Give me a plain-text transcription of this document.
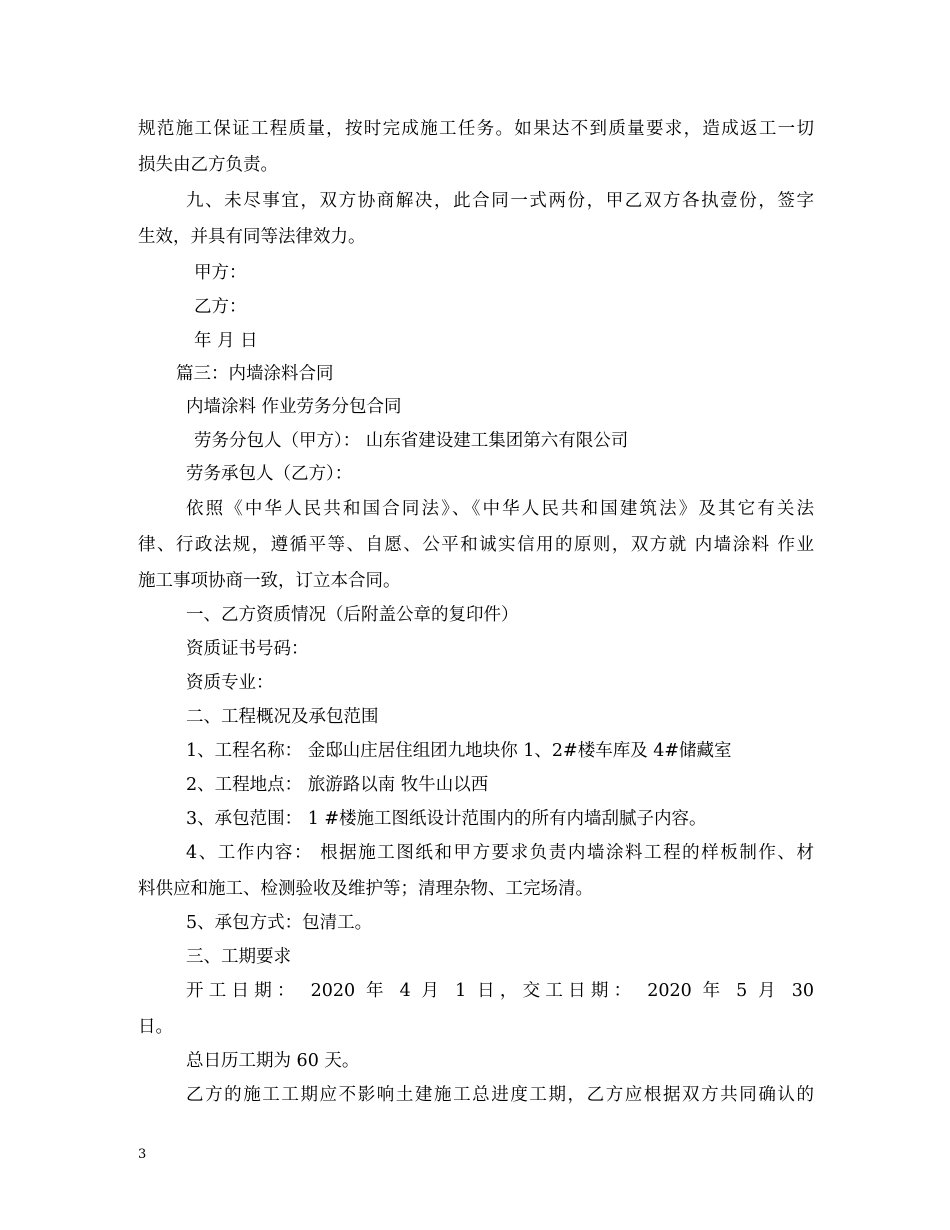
规范施工保证工程质量，按时完成施工任务。如果达不到质量要求，造成返工一切

损失由乙方负责。

九、未尽事宜，双方协商解决，此合同一式两份，甲乙双方各执壹份，签字

生效，并具有同等法律效力。

甲方：

乙方：

年 月 日

篇三：内墙涂料合同

内墙涂料 作业劳务分包合同

劳务分包人（甲方）： 山东省建设建工集团第六有限公司

劳务承包人（乙方）：

依照《中华人民共和国合同法》、《中华人民共和国建筑法》及其它有关法

律、行政法规，遵循平等、自愿、公平和诚实信用的原则，双方就 内墙涂料 作业

施工事项协商一致，订立本合同。

一、乙方资质情况（后附盖公章的复印件）

资质证书号码：

资质专业：

二、工程概况及承包范围

1、工程名称： 金邸山庄居住组团九地块你 1、2#楼车库及 4#储藏室

2、工程地点： 旅游路以南 牧牛山以西

3、承包范围： 1 #楼施工图纸设计范围内的所有内墙刮腻子内容。

4、工作内容： 根据施工图纸和甲方要求负责内墙涂料工程的样板制作、材

料供应和施工、检测验收及维护等；清理杂物、工完场清。

5、承包方式：包清工。

三、工期要求

开工日期： 2020 年 4 月 1 日，交工日期： 2020 年 5 月 30

日。

总日历工期为 60 天。

乙方的施工工期应不影响土建施工总进度工期，乙方应根据双方共同确认的

3
